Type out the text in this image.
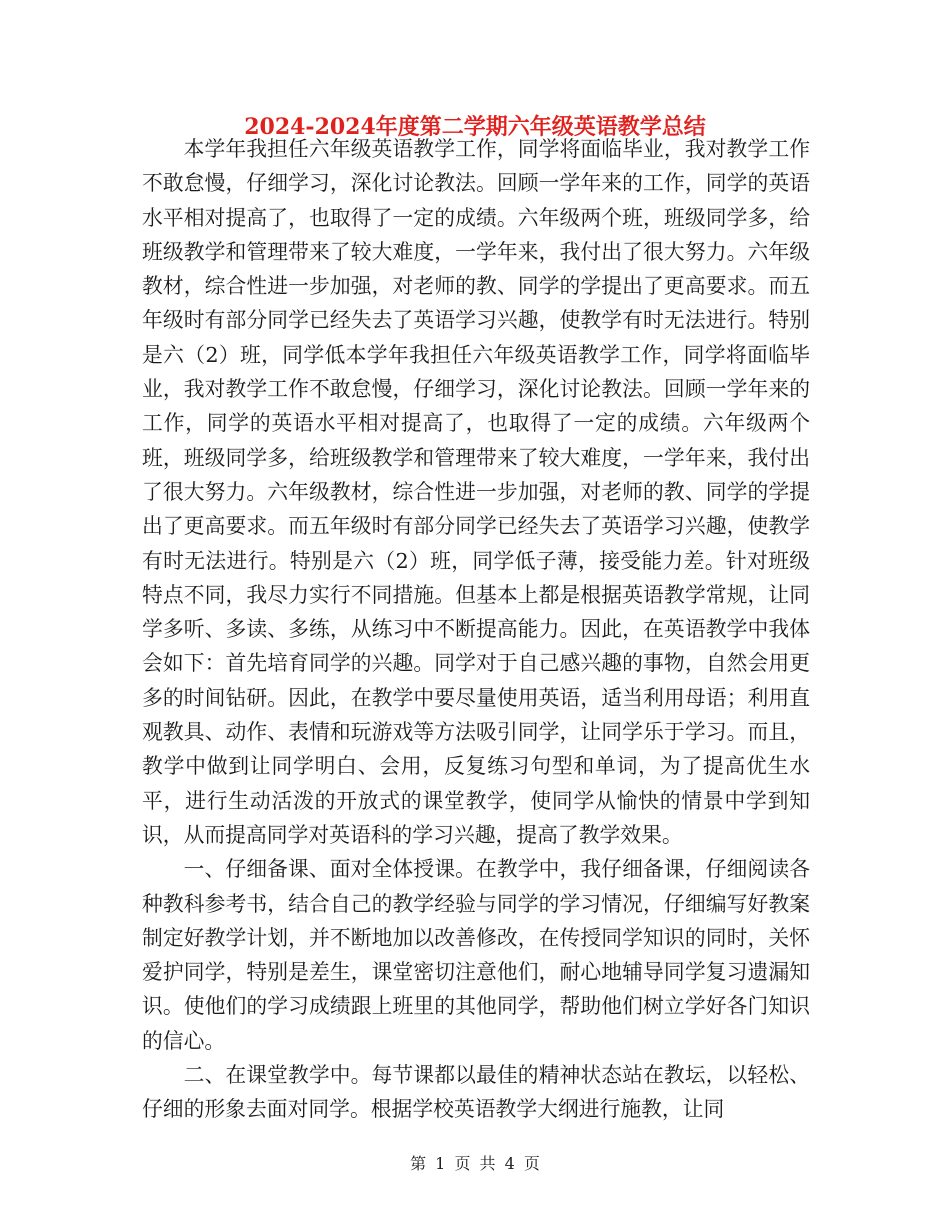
2024-2024年度第二学期六年级英语教学总结

本学年我担任六年级英语教学工作，同学将面临毕业，我对教学工作不敢怠慢，仔细学习，深化讨论教法。回顾一学年来的工作，同学的英语水平相对提高了，也取得了一定的成绩。六年级两个班，班级同学多，给班级教学和管理带来了较大难度，一学年来，我付出了很大努力。六年级教材，综合性进一步加强，对老师的教、同学的学提出了更高要求。而五年级时有部分同学已经失去了英语学习兴趣，使教学有时无法进行。特别是六（2）班，同学低本学年我担任六年级英语教学工作，同学将面临毕业，我对教学工作不敢怠慢，仔细学习，深化讨论教法。回顾一学年来的工作，同学的英语水平相对提高了，也取得了一定的成绩。六年级两个班，班级同学多，给班级教学和管理带来了较大难度，一学年来，我付出了很大努力。六年级教材，综合性进一步加强，对老师的教、同学的学提出了更高要求。而五年级时有部分同学已经失去了英语学习兴趣，使教学有时无法进行。特别是六（2）班，同学低子薄，接受能力差。针对班级特点不同，我尽力实行不同措施。但基本上都是根据英语教学常规，让同学多听、多读、多练，从练习中不断提高能力。因此，在英语教学中我体会如下：首先培育同学的兴趣。同学对于自己感兴趣的事物，自然会用更多的时间钻研。因此，在教学中要尽量使用英语，适当利用母语；利用直观教具、动作、表情和玩游戏等方法吸引同学，让同学乐于学习。而且，教学中做到让同学明白、会用，反复练习句型和单词，为了提高优生水平，进行生动活泼的开放式的课堂教学，使同学从愉快的情景中学到知识，从而提高同学对英语科的学习兴趣，提高了教学效果。

一、仔细备课、面对全体授课。在教学中，我仔细备课，仔细阅读各种教科参考书，结合自己的教学经验与同学的学习情况，仔细编写好教案制定好教学计划，并不断地加以改善修改，在传授同学知识的同时，关怀爱护同学，特别是差生，课堂密切注意他们，耐心地辅导同学复习遗漏知识。使他们的学习成绩跟上班里的其他同学，帮助他们树立学好各门知识的信心。

二、在课堂教学中。每节课都以最佳的精神状态站在教坛，以轻松、仔细的形象去面对同学。根据学校英语教学大纲进行施教，让同

第 1 页 共 4 页
